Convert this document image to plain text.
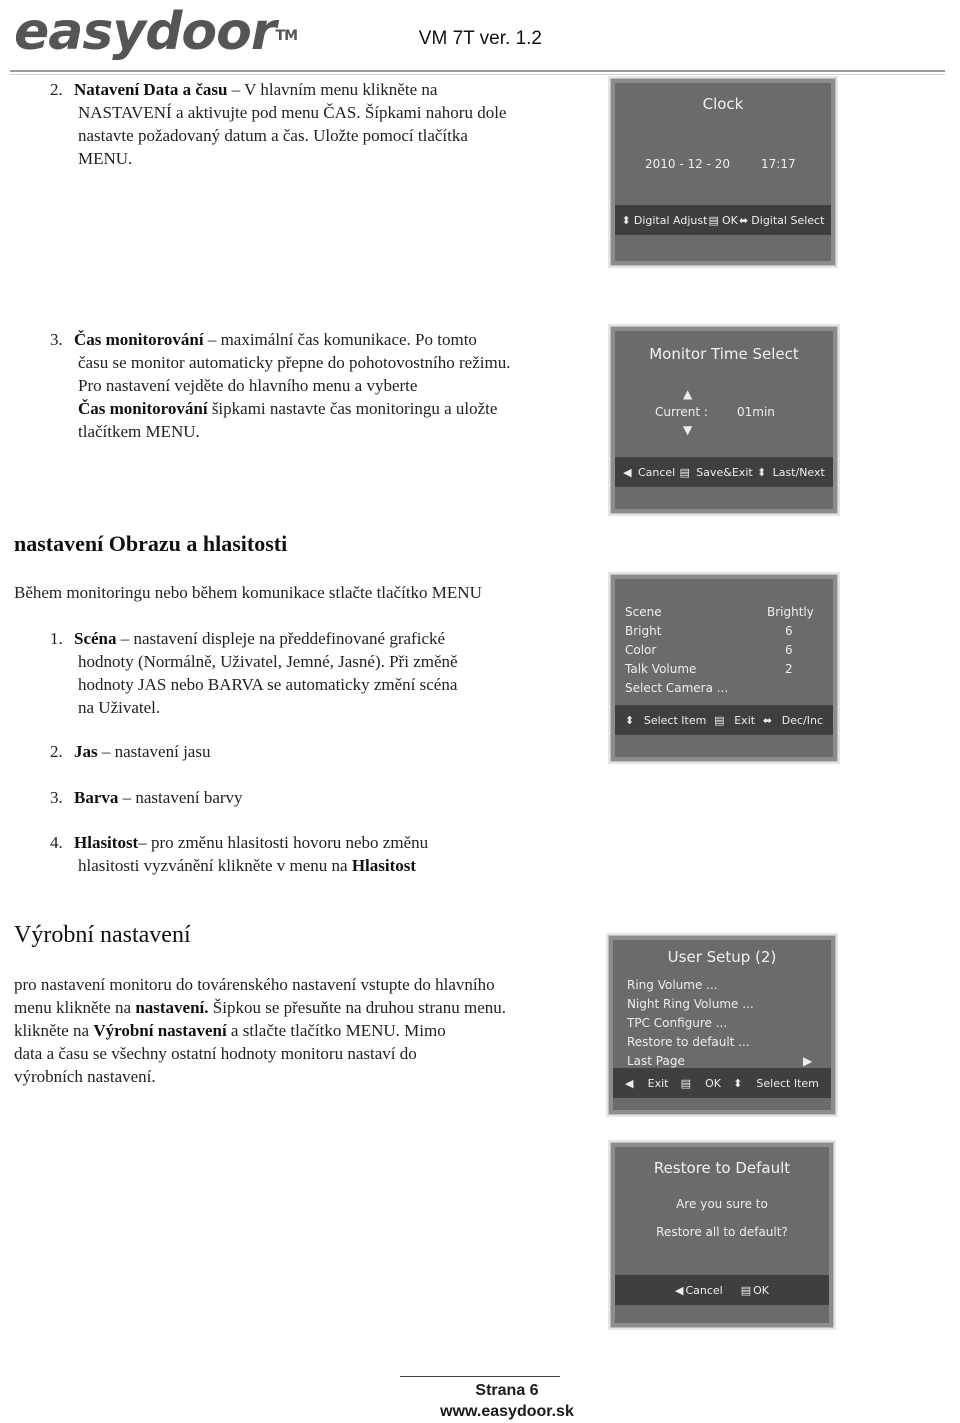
easydoor™	VM 7T ver. 1.2
2. Natavení Data a času – V hlavním menu klikněte na
NASTAVENÍ a aktivujte pod menu ČAS. Šípkami nahoru dole
nastavte požadovaný datum a čas. Uložte pomocí tlačítka
MENU.
Clock
2010 - 12 - 20	17:17
⬍ Digital Adjust ▤ OK ⬌ Digital Select
3. Čas monitorování – maximální čas komunikace. Po tomto
času se monitor automaticky přepne do pohotovostního režimu.
Pro nastavení vejděte do hlavního menu a vyberte
Čas monitorování šipkami nastavte čas monitoringu a uložte
tlačítkem MENU.
Monitor Time Select
▲
Current : 01min
▼
◀ Cancel ▤ Save&Exit ⬍ Last/Next
nastavení Obrazu a hlasitosti
Během monitoringu nebo během komunikace stlačte tlačítko MENU
1. Scéna – nastavení displeje na předdefinované grafické
hodnoty (Normálně, Uživatel, Jemné, Jasné). Při změně
hodnoty JAS nebo BARVA se automaticky změní scéna
na Uživatel.
2. Jas – nastavení jasu
3. Barva – nastavení barvy
4. Hlasitost– pro změnu hlasitosti hovoru nebo změnu
hlasitosti vyzvánění klikněte v menu na Hlasitost
Scene	Brightly
Bright	6
Color	6
Talk Volume	2
Select Camera ...
⬍ Select Item ▤ Exit ⬌ Dec/Inc
Výrobní nastavení
pro nastavení monitoru do továrenského nastavení vstupte do hlavního
menu klikněte na nastavení. Šipkou se přesuňte na druhou stranu menu.
klikněte na Výrobní nastavení a stlačte tlačítko MENU. Mimo
data a času se všechny ostatní hodnoty monitoru nastaví do
výrobních nastavení.
User Setup (2)
Ring Volume ...
Night Ring Volume ...
TPC Configure ...
Restore to default ...
Last Page	▶
◀ Exit ▤ OK ⬍ Select Item
Restore to Default
Are you sure to
Restore all to default?
◀ Cancel ▤ OK
Strana 6
www.easydoor.sk
